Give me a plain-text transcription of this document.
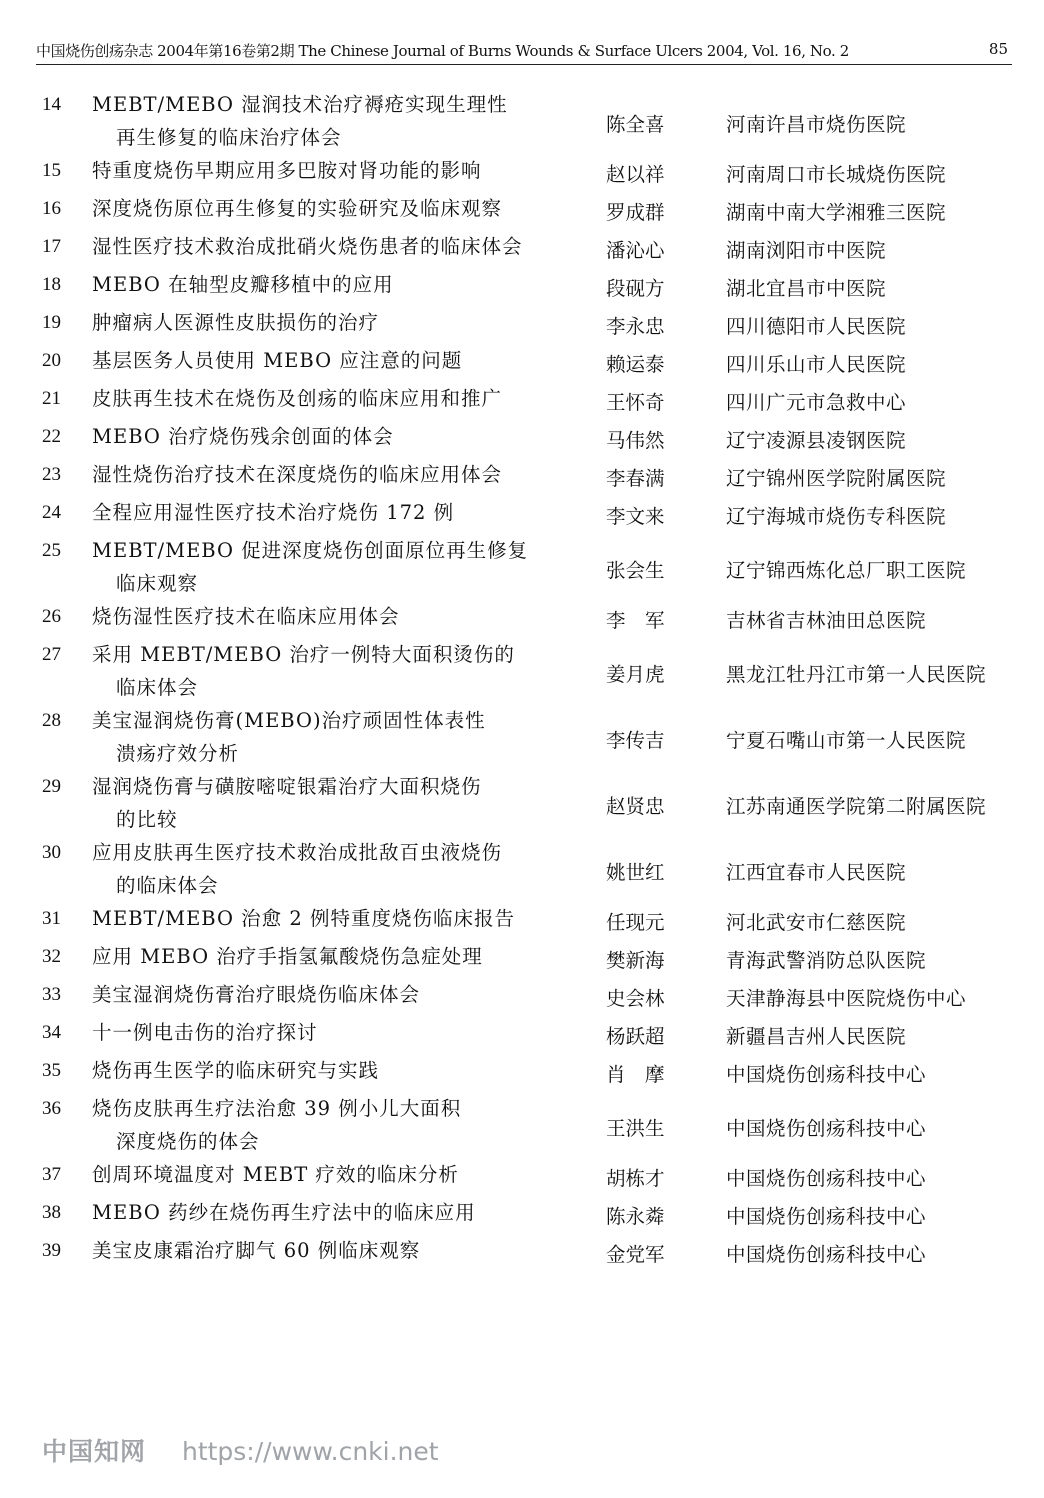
中国烧伤创疡杂志 2004年第16卷第2期 The Chinese Journal of Burns Wounds & Surface Ulcers 2004, Vol. 16, No. 2	85
14 MEBT/MEBO 湿润技术治疗褥疮实现生理性
再生修复的临床治疗体会
陈全喜	河南许昌市烧伤医院
15 特重度烧伤早期应用多巴胺对肾功能的影响	赵以祥	河南周口市长城烧伤医院
16 深度烧伤原位再生修复的实验研究及临床观察	罗成群	湖南中南大学湘雅三医院
17 湿性医疗技术救治成批硝火烧伤患者的临床体会	潘沁心	湖南浏阳市中医院
18 MEBO 在轴型皮瓣移植中的应用	段砚方	湖北宜昌市中医院
19 肿瘤病人医源性皮肤损伤的治疗	李永忠	四川德阳市人民医院
20 基层医务人员使用 MEBO 应注意的问题	赖运泰	四川乐山市人民医院
21 皮肤再生技术在烧伤及创疡的临床应用和推广	王怀奇	四川广元市急救中心
22 MEBO 治疗烧伤残余创面的体会	马伟然	辽宁凌源县凌钢医院
23 湿性烧伤治疗技术在深度烧伤的临床应用体会	李春满	辽宁锦州医学院附属医院
24 全程应用湿性医疗技术治疗烧伤 172 例	李文来	辽宁海城市烧伤专科医院
25 MEBT/MEBO 促进深度烧伤创面原位再生修复
临床观察
张会生	辽宁锦西炼化总厂职工医院
26 烧伤湿性医疗技术在临床应用体会	李　军	吉林省吉林油田总医院
27 采用 MEBT/MEBO 治疗一例特大面积烫伤的
临床体会
姜月虎	黑龙江牡丹江市第一人民医院
28 美宝湿润烧伤膏(MEBO)治疗顽固性体表性
溃疡疗效分析
李传吉	宁夏石嘴山市第一人民医院
29 湿润烧伤膏与磺胺嘧啶银霜治疗大面积烧伤
的比较
赵贤忠	江苏南通医学院第二附属医院
30 应用皮肤再生医疗技术救治成批敌百虫液烧伤
的临床体会
姚世红	江西宜春市人民医院
31 MEBT/MEBO 治愈 2 例特重度烧伤临床报告	任现元	河北武安市仁慈医院
32 应用 MEBO 治疗手指氢氟酸烧伤急症处理	樊新海	青海武警消防总队医院
33 美宝湿润烧伤膏治疗眼烧伤临床体会	史会林	天津静海县中医院烧伤中心
34 十一例电击伤的治疗探讨	杨跃超	新疆昌吉州人民医院
35 烧伤再生医学的临床研究与实践	肖　摩	中国烧伤创疡科技中心
36 烧伤皮肤再生疗法治愈 39 例小儿大面积
深度烧伤的体会
王洪生	中国烧伤创疡科技中心
37 创周环境温度对 MEBT 疗效的临床分析	胡栋才	中国烧伤创疡科技中心
38 MEBO 药纱在烧伤再生疗法中的临床应用	陈永粦	中国烧伤创疡科技中心
39 美宝皮康霜治疗脚气 60 例临床观察	金党军	中国烧伤创疡科技中心
中国知网 https://www.cnki.net
